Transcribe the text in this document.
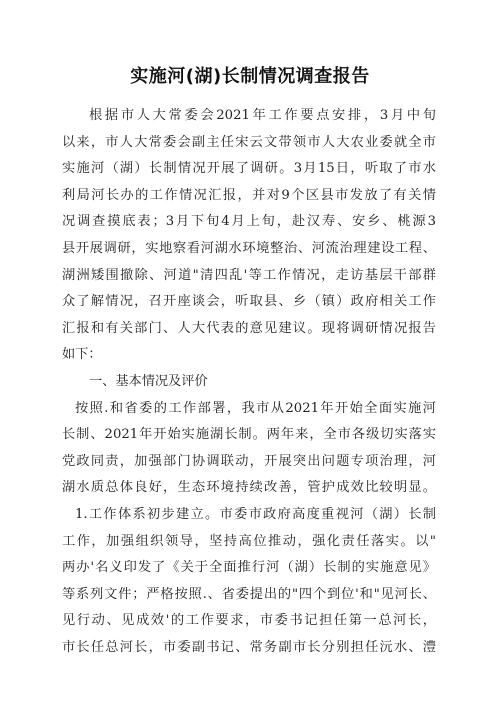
实施河(湖)长制情况调查报告
根据市人大常委会2021年工作要点安排，3月中旬
以来，市人大常委会副主任宋云文带领市人大农业委就全市
实施河（湖）长制情况开展了调研。3月15日，听取了市水
利局河长办的工作情况汇报，并对9个区县市发放了有关情
况调查摸底表；3月下旬4月上旬，赴汉寿、安乡、桃源3
县开展调研，实地察看河湖水环境整治、河流治理建设工程、
湖洲矮围撤除、河道"清四乱'等工作情况，走访基层干部群
众了解情况，召开座谈会，听取县、乡（镇）政府相关工作
汇报和有关部门、人大代表的意见建议。现将调研情况报告
如下：
一、基本情况及评价
按照.和省委的工作部署，我市从2021年开始全面实施河
长制、2021年开始实施湖长制。两年来，全市各级切实落实
党政同责，加强部门协调联动，开展突出问题专项治理，河
湖水质总体良好，生态环境持续改善，管护成效比较明显。
1.工作体系初步建立。市委市政府高度重视河（湖）长制
工作，加强组织领导，坚持高位推动，强化责任落实。以"
两办'名义印发了《关于全面推行河（湖）长制的实施意见》
等系列文件；严格按照.、省委提出的"四个到位'和"见河长、
见行动、见成效'的工作要求，市委书记担任第一总河长，
市长任总河长，市委副书记、常务副市长分别担任沅水、澧
